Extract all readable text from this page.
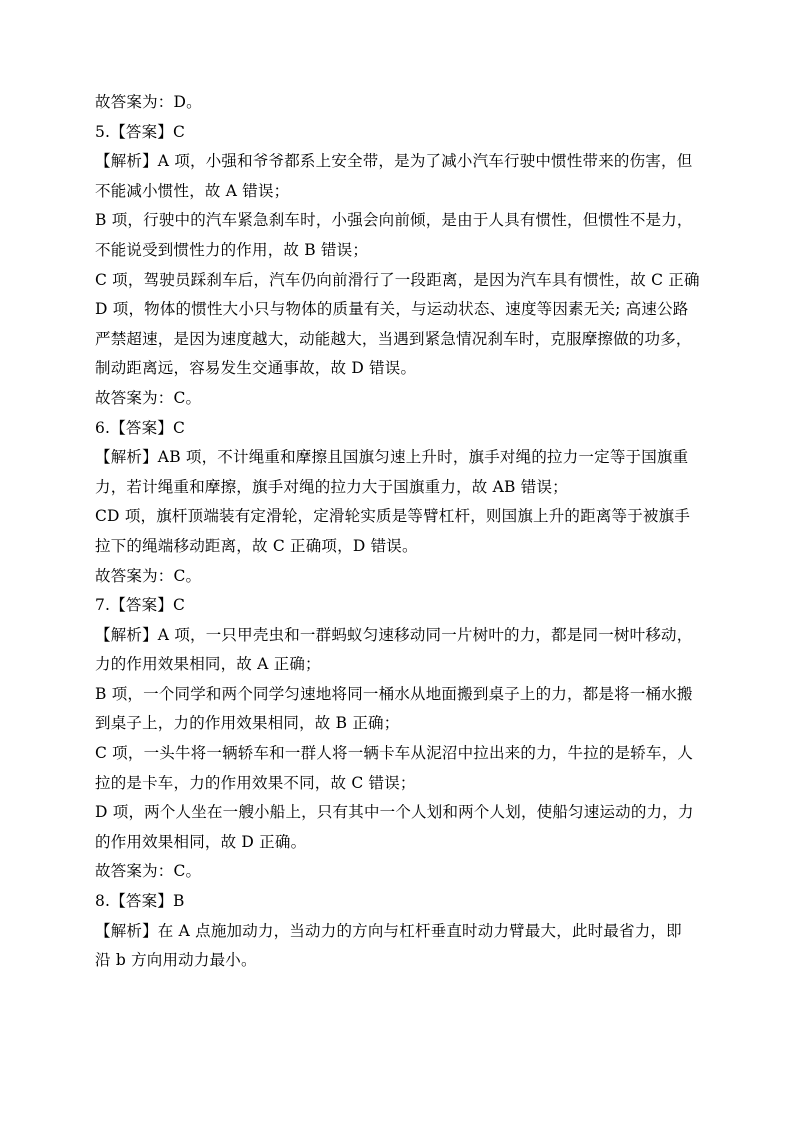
故答案为：D。
5.【答案】C
【解析】A 项，小强和爷爷都系上安全带，是为了减小汽车行驶中惯性带来的伤害，但
不能减小惯性，故 A 错误；
B 项，行驶中的汽车紧急刹车时，小强会向前倾，是由于人具有惯性，但惯性不是力，
不能说受到惯性力的作用，故 B 错误；
C 项，驾驶员踩刹车后，汽车仍向前滑行了一段距离，是因为汽车具有惯性，故 C 正确
D 项，物体的惯性大小只与物体的质量有关，与运动状态、速度等因素无关; 高速公路
严禁超速，是因为速度越大，动能越大，当遇到紧急情况刹车时，克服摩擦做的功多，
制动距离远，容易发生交通事故，故 D 错误。
故答案为：C。
6.【答案】C
【解析】AB 项，不计绳重和摩擦且国旗匀速上升时，旗手对绳的拉力一定等于国旗重
力，若计绳重和摩擦，旗手对绳的拉力大于国旗重力，故 AB 错误；
CD 项，旗杆顶端装有定滑轮，定滑轮实质是等臂杠杆，则国旗上升的距离等于被旗手
拉下的绳端移动距离，故 C 正确项，D 错误。
故答案为：C。
7.【答案】C
【解析】A 项，一只甲壳虫和一群蚂蚁匀速移动同一片树叶的力，都是同一树叶移动，
力的作用效果相同，故 A 正确；
B 项，一个同学和两个同学匀速地将同一桶水从地面搬到桌子上的力，都是将一桶水搬
到桌子上，力的作用效果相同，故 B 正确；
C 项，一头牛将一辆轿车和一群人将一辆卡车从泥沼中拉出来的力，牛拉的是轿车，人
拉的是卡车，力的作用效果不同，故 C 错误；
D 项，两个人坐在一艘小船上，只有其中一个人划和两个人划，使船匀速运动的力，力
的作用效果相同，故 D 正确。
故答案为：C。
8.【答案】B
【解析】在 A 点施加动力，当动力的方向与杠杆垂直时动力臂最大，此时最省力，即
沿 b 方向用动力最小。
